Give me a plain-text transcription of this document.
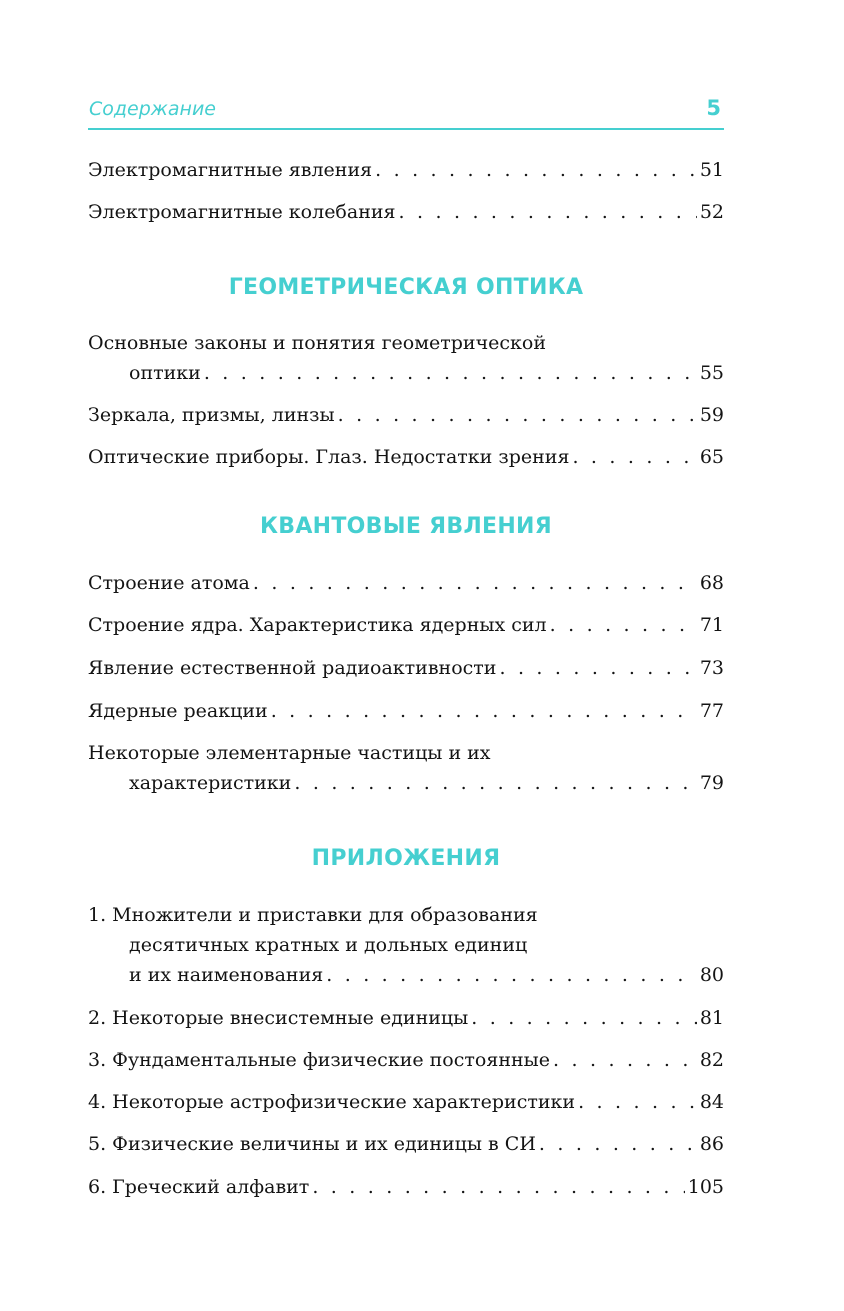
Содержание	5
Электромагнитные явления . . .	51
Электромагнитные колебания . . .	52
ГЕОМЕТРИЧЕСКАЯ ОПТИКА
Основные законы и понятия геометрической
оптики . . .	55
Зеркала, призмы, линзы . . .	59
Оптические приборы. Глаз. Недостатки зрения . . .	65
КВАНТОВЫЕ ЯВЛЕНИЯ
Строение атома . . .	68
Строение ядра. Характеристика ядерных сил . . .	71
Явление естественной радиоактивности . . .	73
Ядерные реакции . . .	77
Некоторые элементарные частицы и их
характеристики . . .	79
ПРИЛОЖЕНИЯ
1. Множители и приставки для образования
десятичных кратных и дольных единиц
и их наименования . . .	80
2. Некоторые внесистемные единицы . . .	81
3. Фундаментальные физические постоянные . . .	82
4. Некоторые астрофизические характеристики . . .	84
5. Физические величины и их единицы в СИ . . .	86
6. Греческий алфавит . . .	105
